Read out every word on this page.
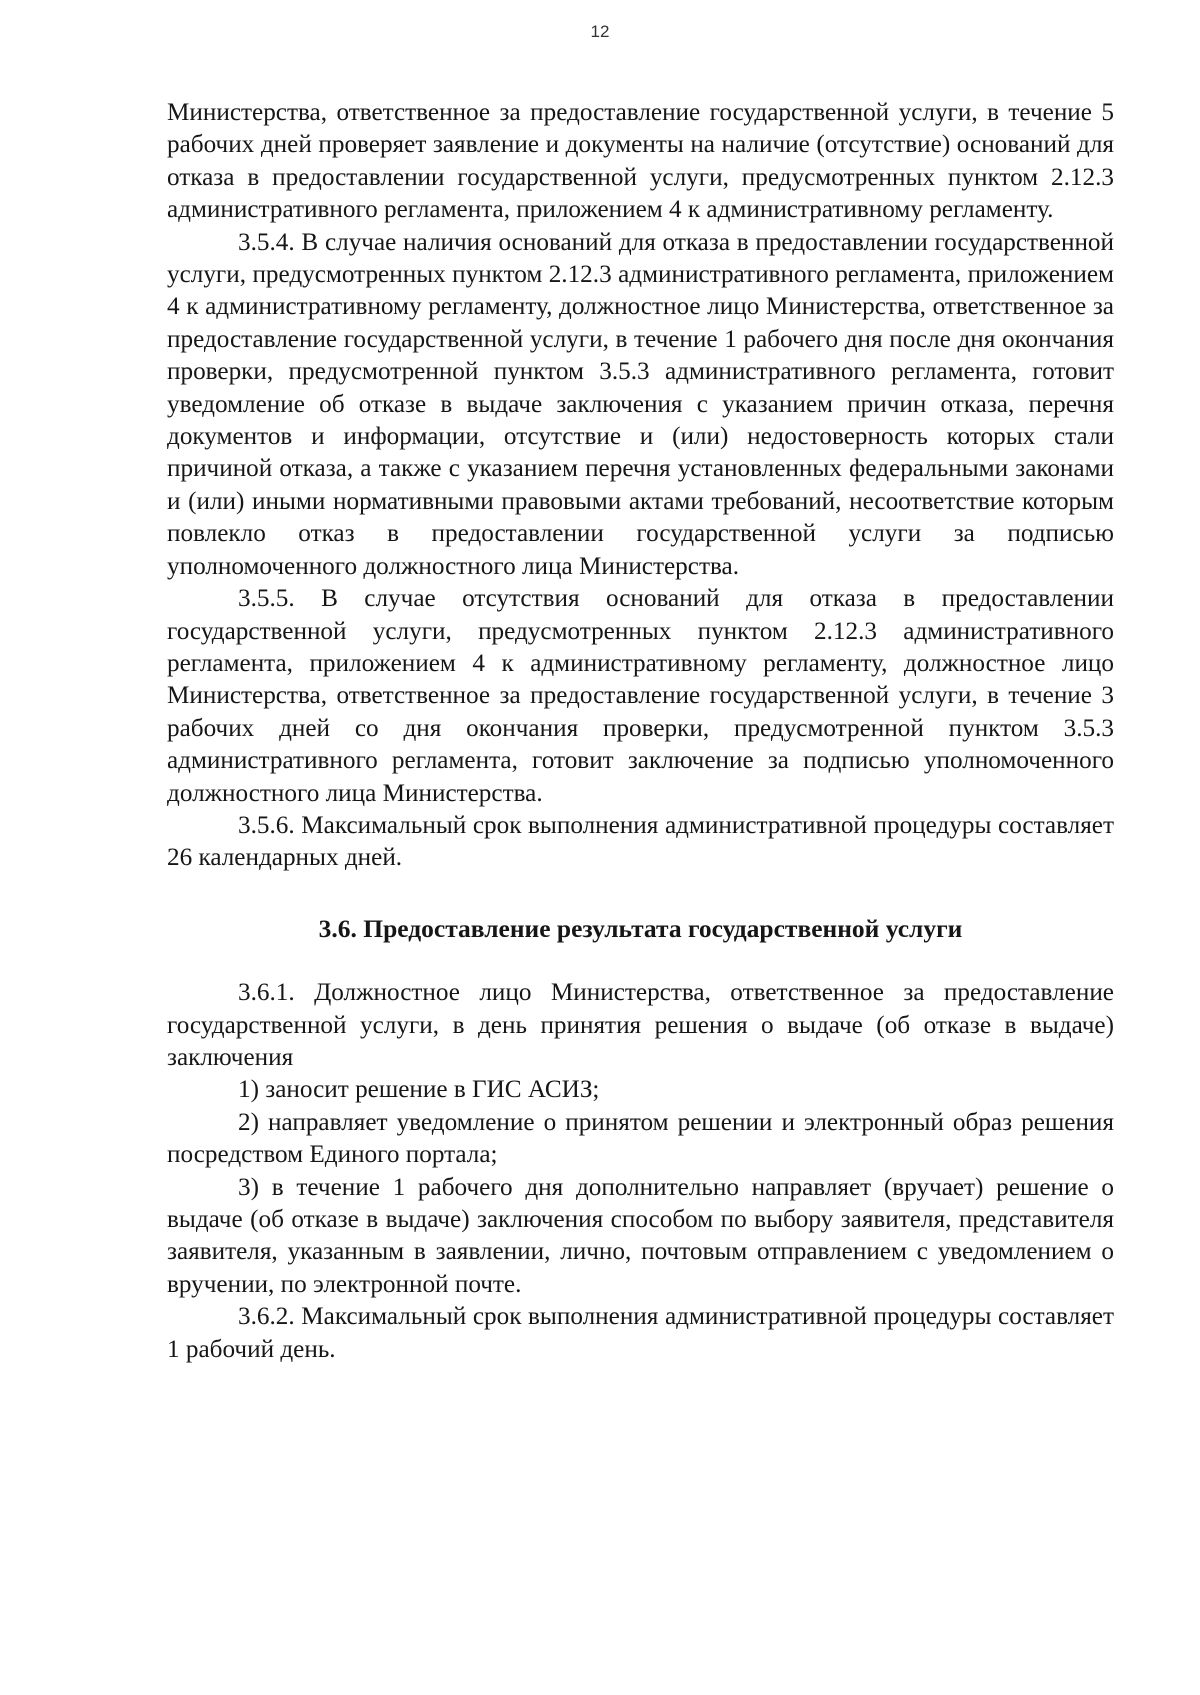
12

Министерства, ответственное за предоставление государственной услуги, в течение 5 рабочих дней проверяет заявление и документы на наличие (отсутствие) оснований для отказа в предоставлении государственной услуги, предусмотренных пунктом 2.12.3 административного регламента, приложением 4 к административному регламенту.

3.5.4. В случае наличия оснований для отказа в предоставлении государственной услуги, предусмотренных пунктом 2.12.3 административного регламента, приложением 4 к административному регламенту, должностное лицо Министерства, ответственное за предоставление государственной услуги, в течение 1 рабочего дня после дня окончания проверки, предусмотренной пунктом 3.5.3 административного регламента, готовит уведомление об отказе в выдаче заключения с указанием причин отказа, перечня документов и информации, отсутствие и (или) недостоверность которых стали причиной отказа, а также с указанием перечня установленных федеральными законами и (или) иными нормативными правовыми актами требований, несоответствие которым повлекло отказ в предоставлении государственной услуги за подписью уполномоченного должностного лица Министерства.

3.5.5. В случае отсутствия оснований для отказа в предоставлении государственной услуги, предусмотренных пунктом 2.12.3 административного регламента, приложением 4 к административному регламенту, должностное лицо Министерства, ответственное за предоставление государственной услуги, в течение 3 рабочих дней со дня окончания проверки, предусмотренной пунктом 3.5.3 административного регламента, готовит заключение за подписью уполномоченного должностного лица Министерства.

3.5.6. Максимальный срок выполнения административной процедуры составляет 26 календарных дней.

3.6. Предоставление результата государственной услуги

3.6.1. Должностное лицо Министерства, ответственное за предоставление государственной услуги, в день принятия решения о выдаче (об отказе в выдаче) заключения

1) заносит решение в ГИС АСИЗ;

2) направляет уведомление о принятом решении и электронный образ решения посредством Единого портала;

3) в течение 1 рабочего дня дополнительно направляет (вручает) решение о выдаче (об отказе в выдаче) заключения способом по выбору заявителя, представителя заявителя, указанным в заявлении, лично, почтовым отправлением с уведомлением о вручении, по электронной почте.

3.6.2. Максимальный срок выполнения административной процедуры составляет 1 рабочий день.
